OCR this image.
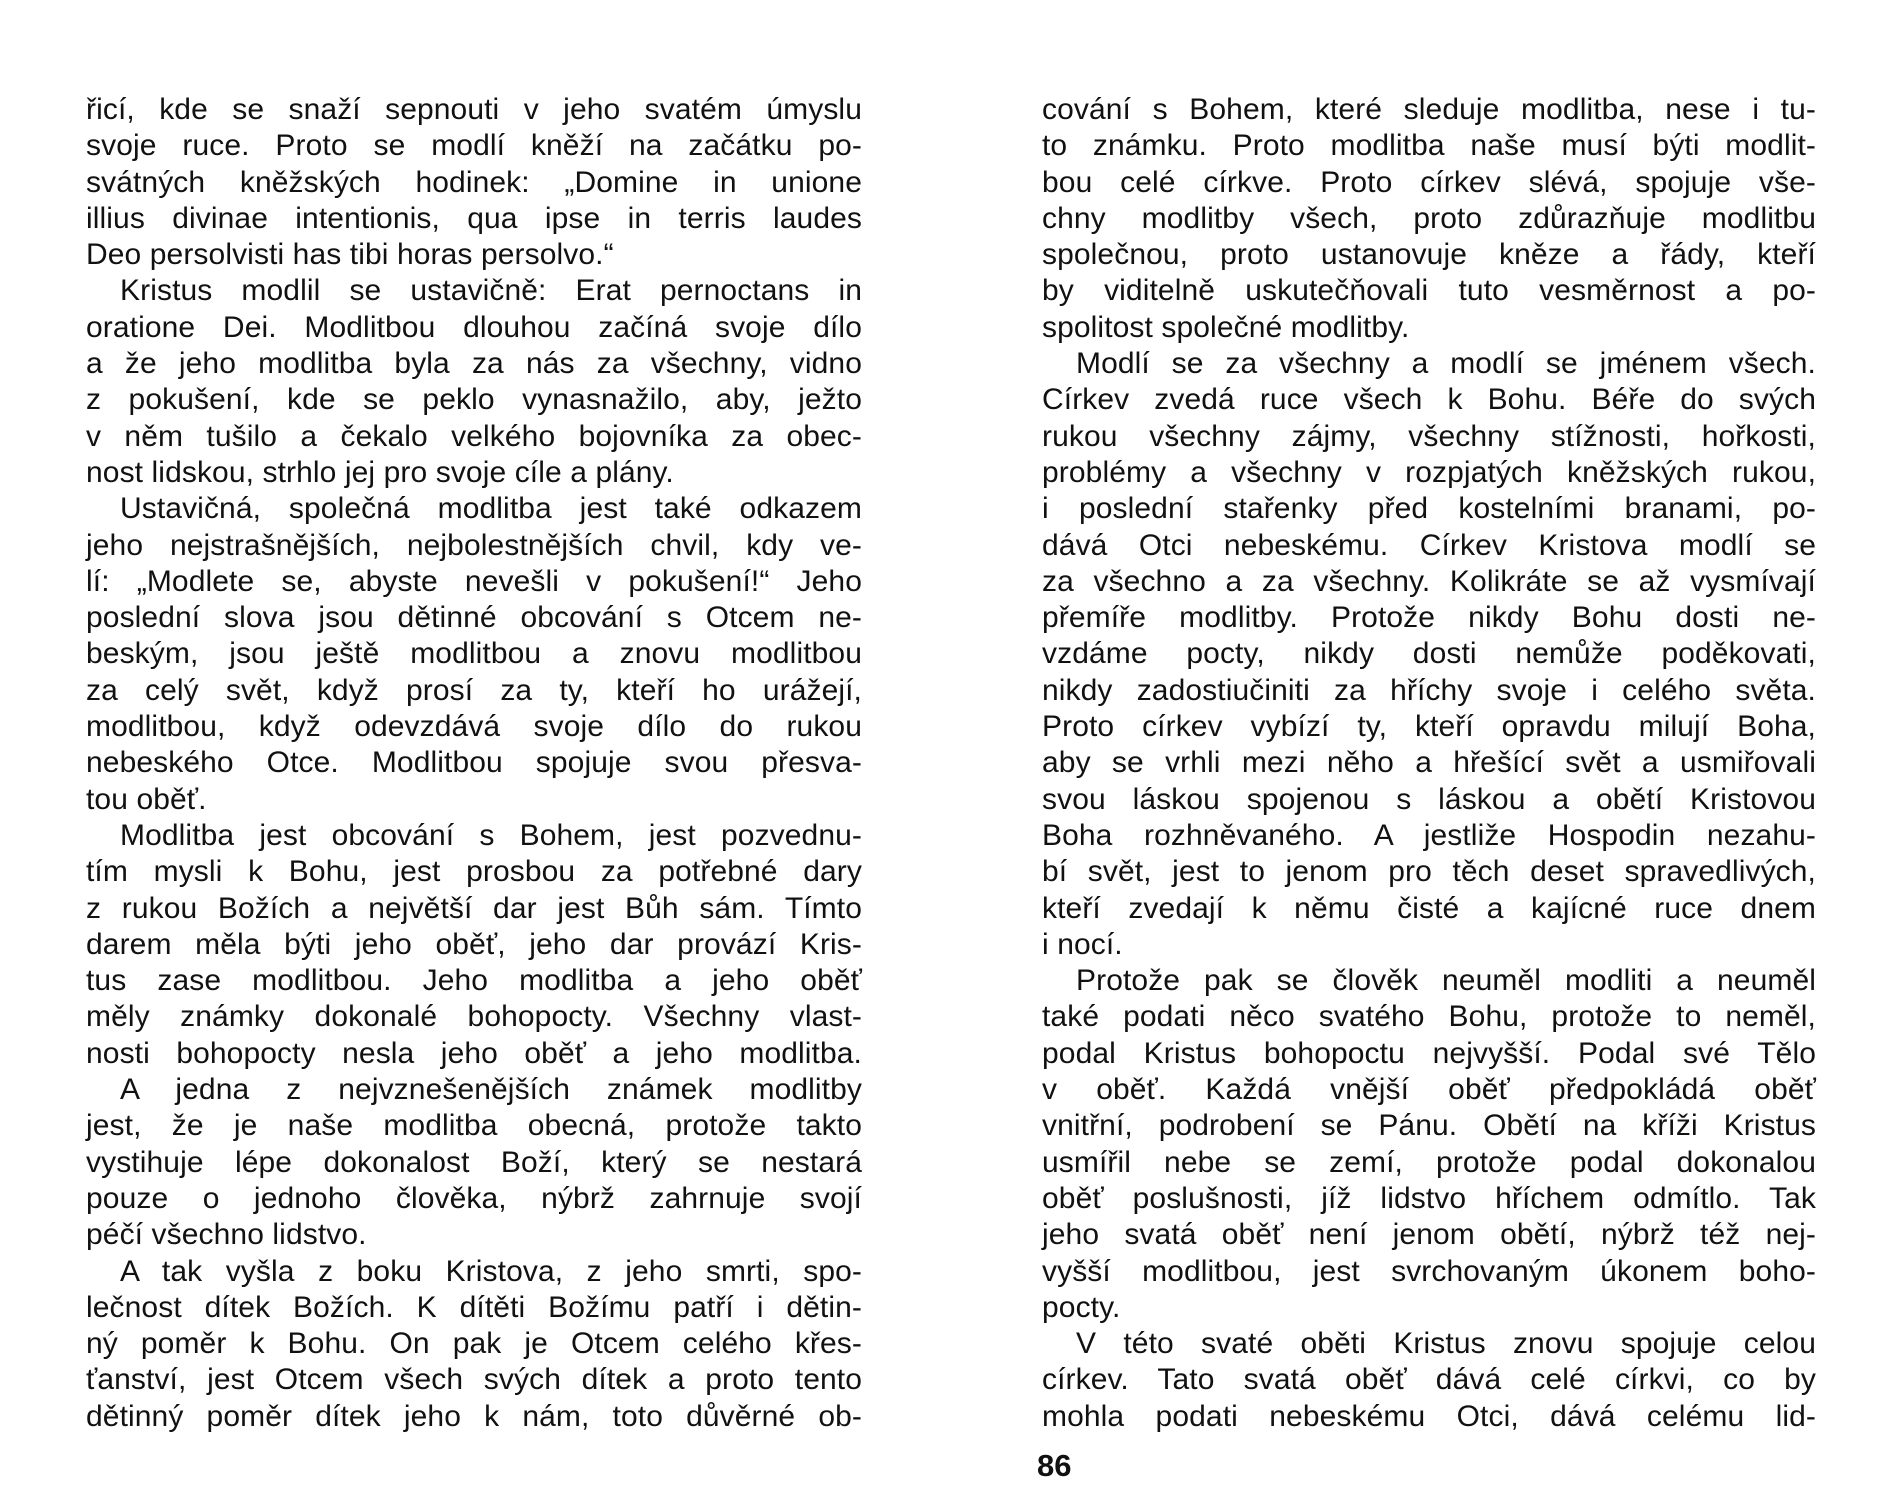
řicí, kde se snaží sepnouti v jeho svatém úmyslu
svoje ruce. Proto se modlí kněží na začátku po-
svátných kněžských hodinek: „Domine in unione
illius divinae intentionis, qua ipse in terris laudes
Deo persolvisti has tibi horas persolvo.“
Kristus modlil se ustavičně: Erat pernoctans in
oratione Dei. Modlitbou dlouhou začíná svoje dílo
a že jeho modlitba byla za nás za všechny, vidno
z pokušení, kde se peklo vynasnažilo, aby, ježto
v něm tušilo a čekalo velkého bojovníka za obec-
nost lidskou, strhlo jej pro svoje cíle a plány.
Ustavičná, společná modlitba jest také odkazem
jeho nejstrašnějších, nejbolestnějších chvil, kdy ve-
lí: „Modlete se, abyste nevešli v pokušení!“ Jeho
poslední slova jsou dětinné obcování s Otcem ne-
beským, jsou ještě modlitbou a znovu modlitbou
za celý svět, když prosí za ty, kteří ho urážejí,
modlitbou, když odevzdává svoje dílo do rukou
nebeského Otce. Modlitbou spojuje svou přesva-
tou oběť.
Modlitba jest obcování s Bohem, jest pozvednu-
tím mysli k Bohu, jest prosbou za potřebné dary
z rukou Božích a největší dar jest Bůh sám. Tímto
darem měla býti jeho oběť, jeho dar provází Kris-
tus zase modlitbou. Jeho modlitba a jeho oběť
měly známky dokonalé bohopocty. Všechny vlast-
nosti bohopocty nesla jeho oběť a jeho modlitba.
A jedna z nejvznešenějších známek modlitby
jest, že je naše modlitba obecná, protože takto
vystihuje lépe dokonalost Boží, který se nestará
pouze o jednoho člověka, nýbrž zahrnuje svojí
péčí všechno lidstvo.
A tak vyšla z boku Kristova, z jeho smrti, spo-
lečnost dítek Božích. K dítěti Božímu patří i dětin-
ný poměr k Bohu. On pak je Otcem celého křes-
ťanství, jest Otcem všech svých dítek a proto tento
dětinný poměr dítek jeho k nám, toto důvěrné ob-
cování s Bohem, které sleduje modlitba, nese i tu-
to známku. Proto modlitba naše musí býti modlit-
bou celé církve. Proto církev slévá, spojuje vše-
chny modlitby všech, proto zdůrazňuje modlitbu
společnou, proto ustanovuje kněze a řády, kteří
by viditelně uskutečňovali tuto vesměrnost a po-
spolitost společné modlitby.
Modlí se za všechny a modlí se jménem všech.
Církev zvedá ruce všech k Bohu. Béře do svých
rukou všechny zájmy, všechny stížnosti, hořkosti,
problémy a všechny v rozpjatých kněžských rukou,
i poslední stařenky před kostelními branami, po-
dává Otci nebeskému. Církev Kristova modlí se
za všechno a za všechny. Kolikráte se až vysmívají
přemíře modlitby. Protože nikdy Bohu dosti ne-
vzdáme pocty, nikdy dosti nemůže poděkovati,
nikdy zadostiučiniti za hříchy svoje i celého světa.
Proto církev vybízí ty, kteří opravdu milují Boha,
aby se vrhli mezi něho a hřešící svět a usmiřovali
svou láskou spojenou s láskou a obětí Kristovou
Boha rozhněvaného. A jestliže Hospodin nezahu-
bí svět, jest to jenom pro těch deset spravedlivých,
kteří zvedají k němu čisté a kajícné ruce dnem
i nocí.
Protože pak se člověk neuměl modliti a neuměl
také podati něco svatého Bohu, protože to neměl,
podal Kristus bohopoctu nejvyšší. Podal své Tělo
v oběť. Každá vnější oběť předpokládá oběť
vnitřní, podrobení se Pánu. Obětí na kříži Kristus
usmířil nebe se zemí, protože podal dokonalou
oběť poslušnosti, jíž lidstvo hříchem odmítlo. Tak
jeho svatá oběť není jenom obětí, nýbrž též nej-
vyšší modlitbou, jest svrchovaným úkonem boho-
pocty.
V této svaté oběti Kristus znovu spojuje celou
církev. Tato svatá oběť dává celé církvi, co by
mohla podati nebeskému Otci, dává celému lid-
86
